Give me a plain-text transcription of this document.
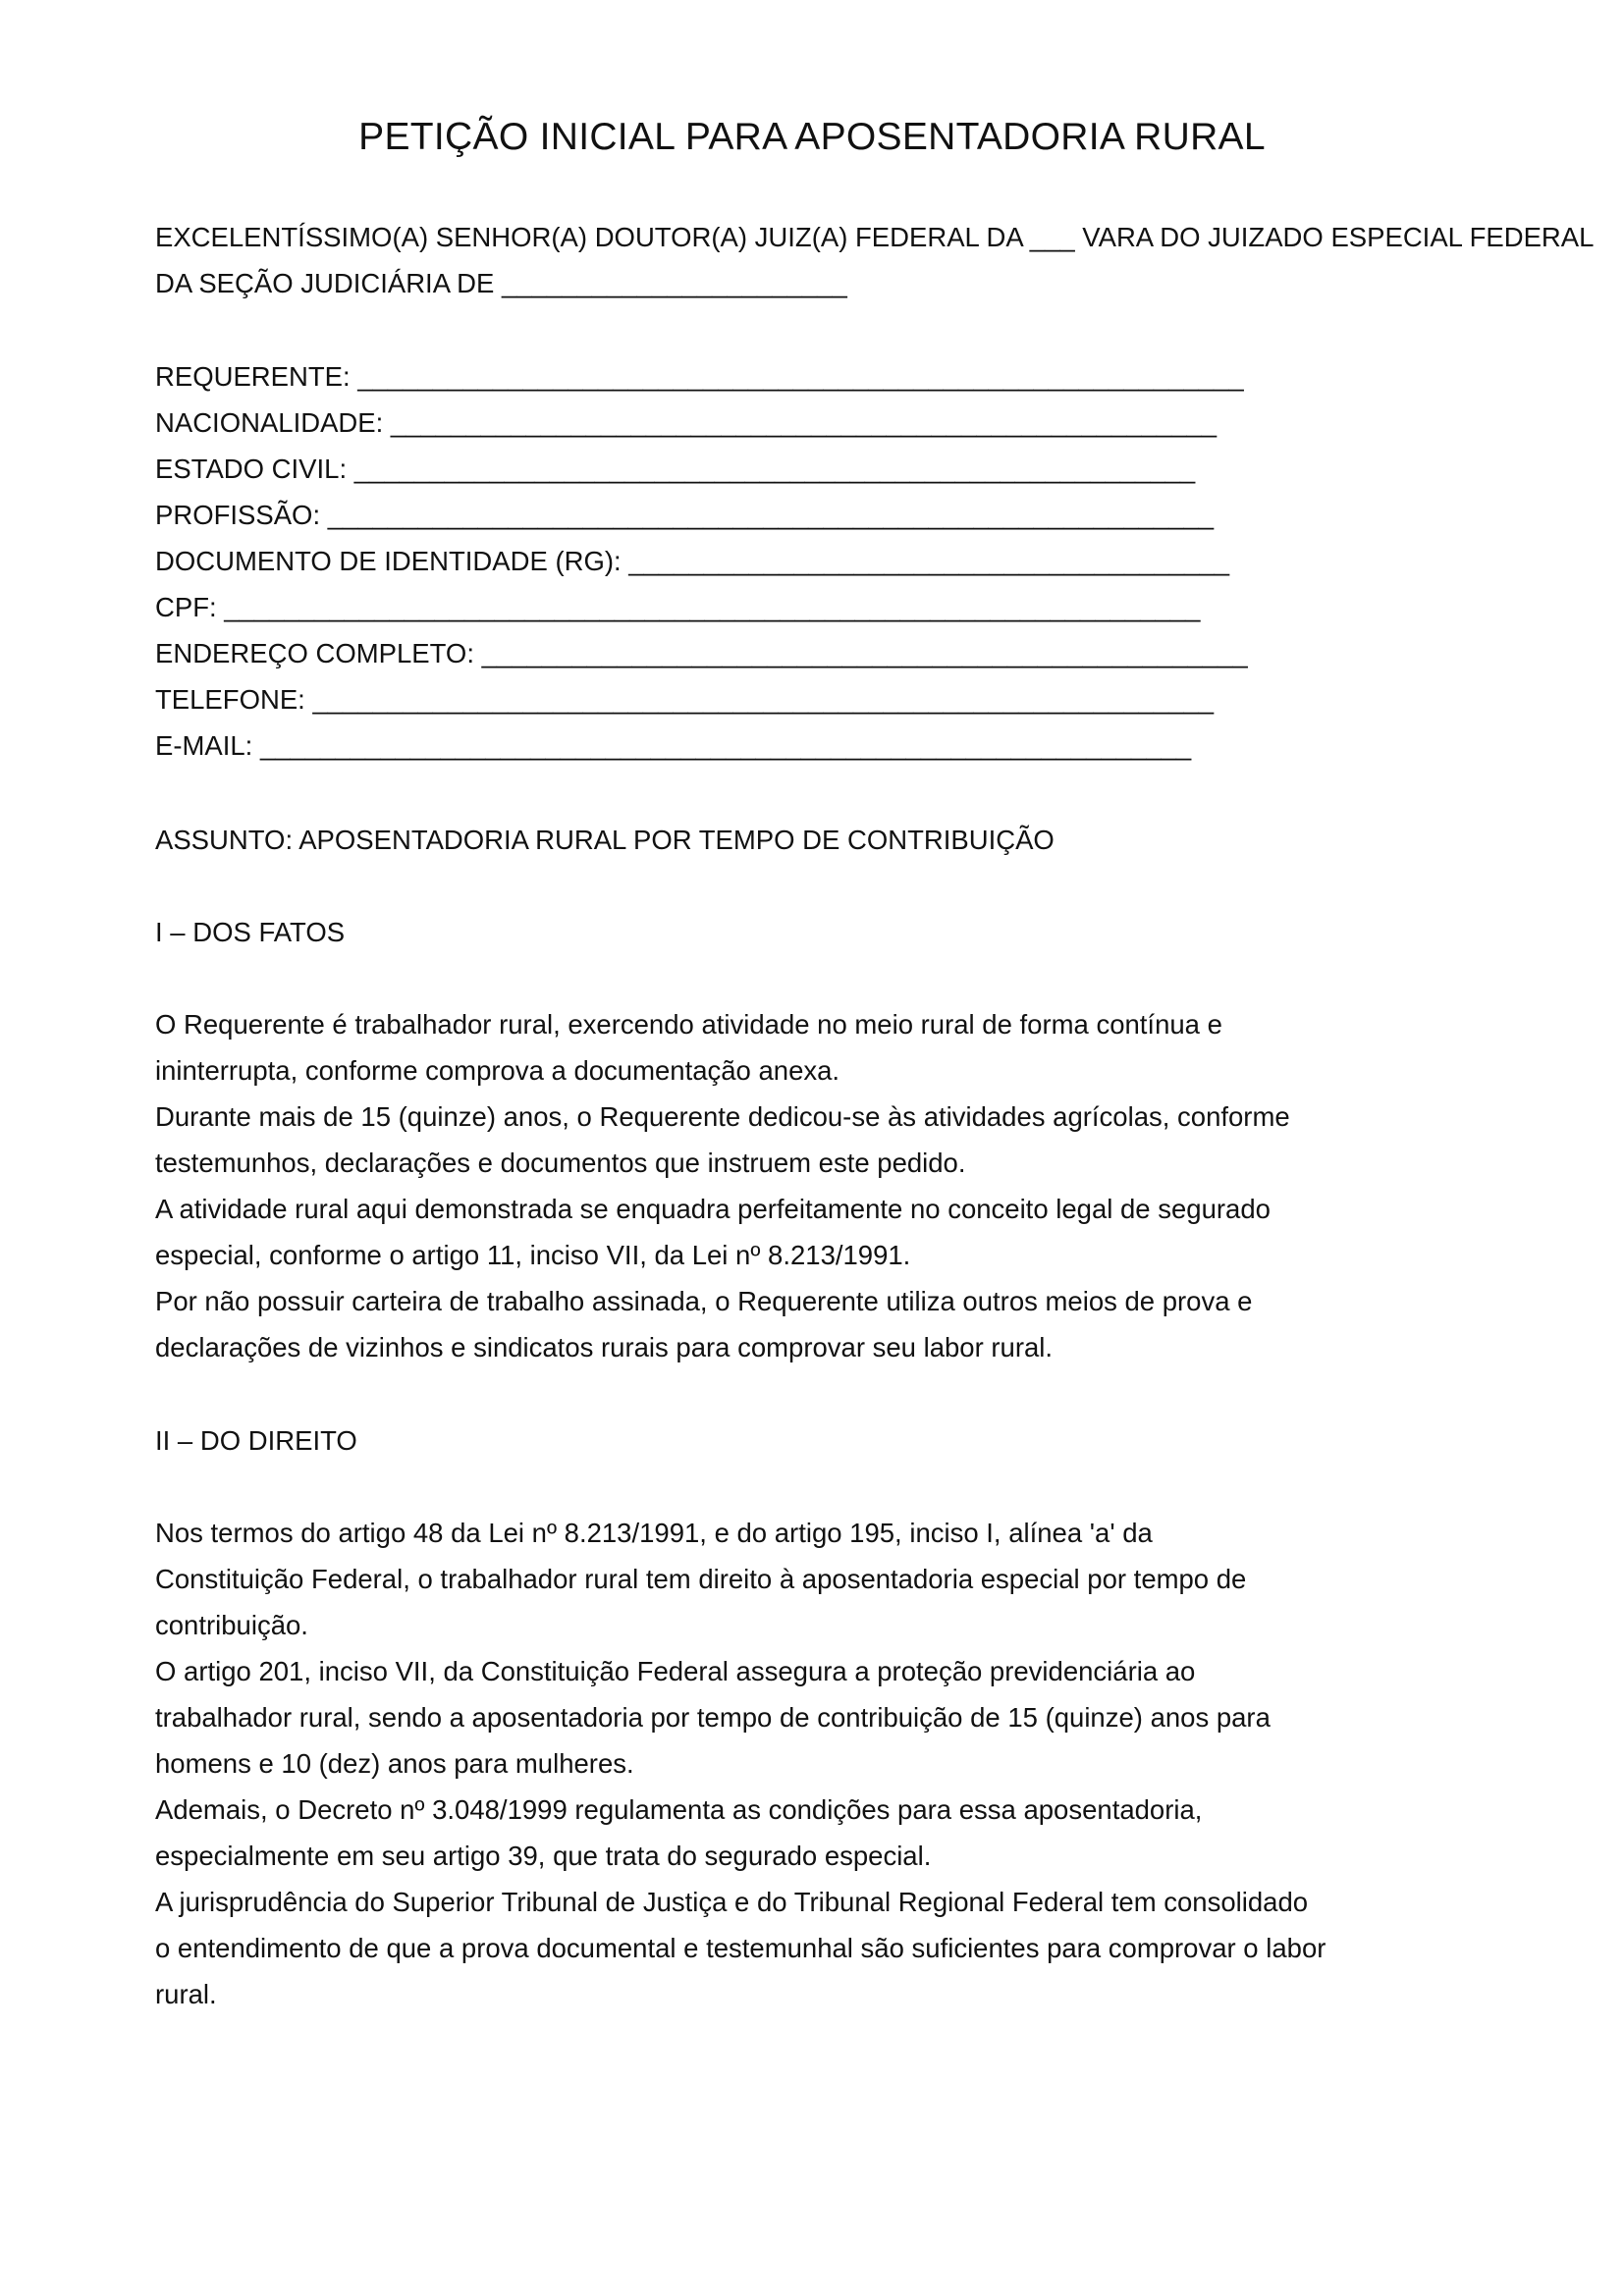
PETIÇÃO INICIAL PARA APOSENTADORIA RURAL
EXCELENTÍSSIMO(A) SENHOR(A) DOUTOR(A) JUIZ(A) FEDERAL DA ___ VARA DO JUIZADO ESPECIAL FEDERAL
DA SEÇÃO JUDICIÁRIA DE _______________________
REQUERENTE: ___________________________________________________________
NACIONALIDADE: _______________________________________________________
ESTADO CIVIL: ________________________________________________________
PROFISSÃO: ___________________________________________________________
DOCUMENTO DE IDENTIDADE (RG): ________________________________________
CPF: _________________________________________________________________
ENDEREÇO COMPLETO: ___________________________________________________
TELEFONE: ____________________________________________________________
E-MAIL: ______________________________________________________________
ASSUNTO: APOSENTADORIA RURAL POR TEMPO DE CONTRIBUIÇÃO
I – DOS FATOS
O Requerente é trabalhador rural, exercendo atividade no meio rural de forma contínua e
ininterrupta, conforme comprova a documentação anexa.
Durante mais de 15 (quinze) anos, o Requerente dedicou-se às atividades agrícolas, conforme
testemunhos, declarações e documentos que instruem este pedido.
A atividade rural aqui demonstrada se enquadra perfeitamente no conceito legal de segurado
especial, conforme o artigo 11, inciso VII, da Lei nº 8.213/1991.
Por não possuir carteira de trabalho assinada, o Requerente utiliza outros meios de prova e
declarações de vizinhos e sindicatos rurais para comprovar seu labor rural.
II – DO DIREITO
Nos termos do artigo 48 da Lei nº 8.213/1991, e do artigo 195, inciso I, alínea 'a' da
Constituição Federal, o trabalhador rural tem direito à aposentadoria especial por tempo de
contribuição.
O artigo 201, inciso VII, da Constituição Federal assegura a proteção previdenciária ao
trabalhador rural, sendo a aposentadoria por tempo de contribuição de 15 (quinze) anos para
homens e 10 (dez) anos para mulheres.
Ademais, o Decreto nº 3.048/1999 regulamenta as condições para essa aposentadoria,
especialmente em seu artigo 39, que trata do segurado especial.
A jurisprudência do Superior Tribunal de Justiça e do Tribunal Regional Federal tem consolidado
o entendimento de que a prova documental e testemunhal são suficientes para comprovar o labor
rural.
